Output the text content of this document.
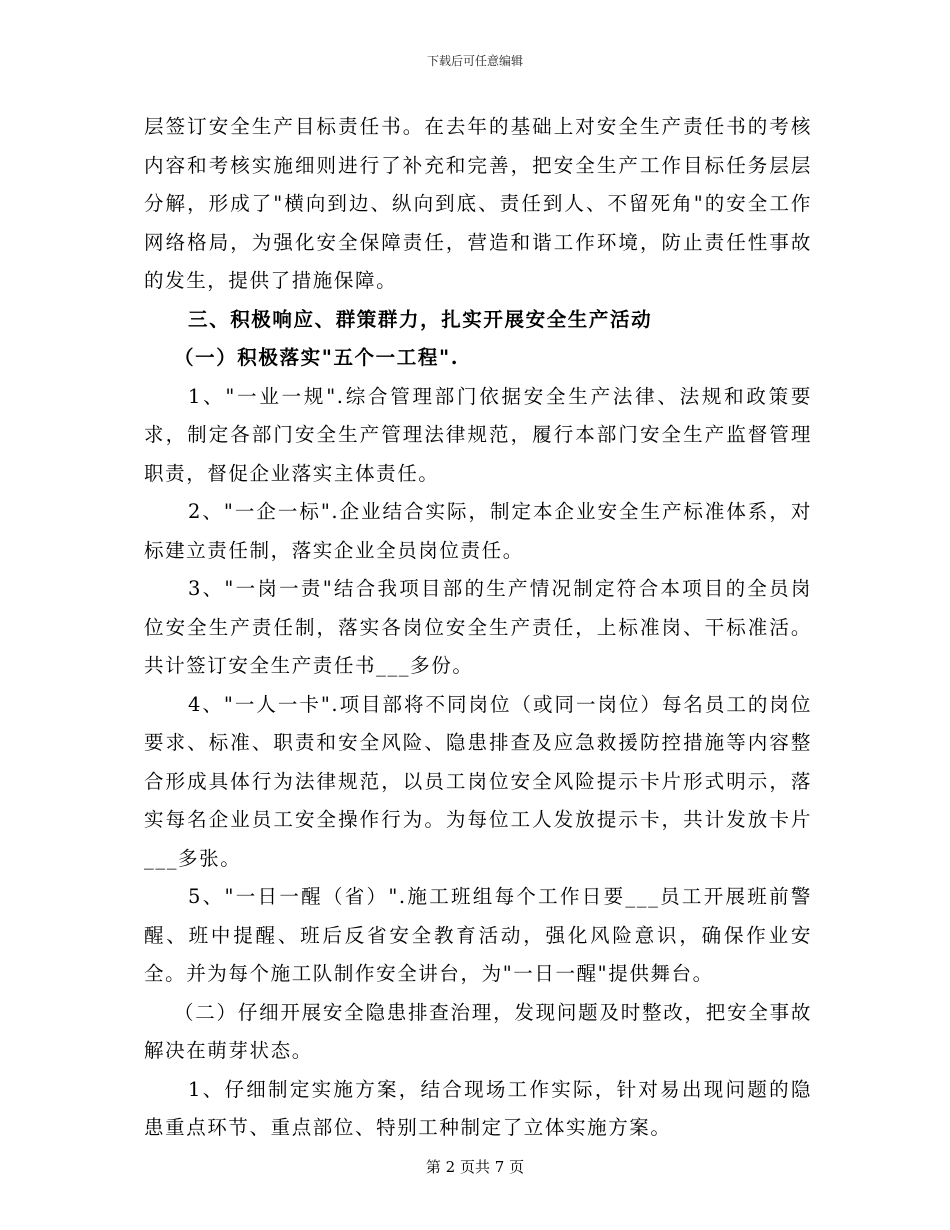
下载后可任意编辑

层签订安全生产目标责任书。在去年的基础上对安全生产责任书的考核内容和考核实施细则进行了补充和完善，把安全生产工作目标任务层层分解，形成了"横向到边、纵向到底、责任到人、不留死角"的安全工作网络格局，为强化安全保障责任，营造和谐工作环境，防止责任性事故的发生，提供了措施保障。

三、积极响应、群策群力，扎实开展安全生产活动

（一）积极落实"五个一工程".

1、"一业一规".综合管理部门依据安全生产法律、法规和政策要求，制定各部门安全生产管理法律规范，履行本部门安全生产监督管理职责，督促企业落实主体责任。

2、"一企一标".企业结合实际，制定本企业安全生产标准体系，对标建立责任制，落实企业全员岗位责任。

3、"一岗一责"结合我项目部的生产情况制定符合本项目的全员岗位安全生产责任制，落实各岗位安全生产责任，上标准岗、干标准活。共计签订安全生产责任书___多份。

4、"一人一卡".项目部将不同岗位（或同一岗位）每名员工的岗位要求、标准、职责和安全风险、隐患排查及应急救援防控措施等内容整合形成具体行为法律规范，以员工岗位安全风险提示卡片形式明示，落实每名企业员工安全操作行为。为每位工人发放提示卡，共计发放卡片___多张。

5、"一日一醒（省）".施工班组每个工作日要___员工开展班前警醒、班中提醒、班后反省安全教育活动，强化风险意识，确保作业安全。并为每个施工队制作安全讲台，为"一日一醒"提供舞台。

（二）仔细开展安全隐患排查治理，发现问题及时整改，把安全事故解决在萌芽状态。

1、仔细制定实施方案，结合现场工作实际，针对易出现问题的隐患重点环节、重点部位、特别工种制定了立体实施方案。

第 2 页共 7 页
